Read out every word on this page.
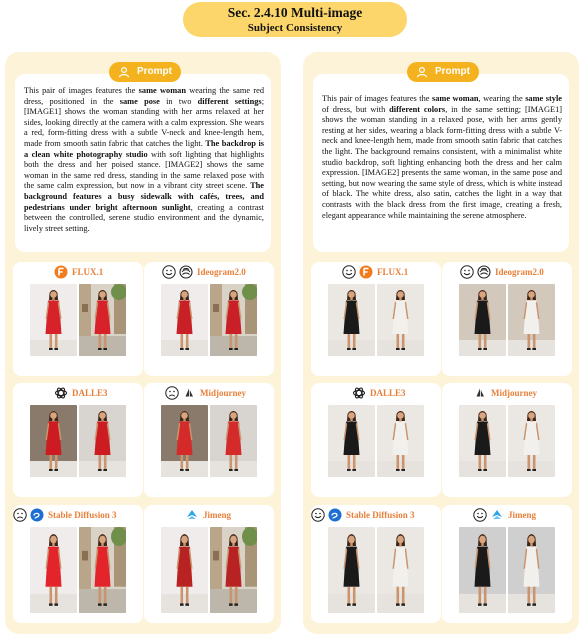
Sec. 2.4.10 Multi-image
Subject Consistency
This pair of images features the same woman wearing the same red dress, positioned in the same pose in two different settings; [IMAGE1] shows the woman standing with her arms relaxed at her sides, looking directly at the camera with a calm expression. She wears a red, form-fitting dress with a subtle V-neck and knee-length hem, made from smooth satin fabric that catches the light. The backdrop is a clean white photography studio with soft lighting that highlights both the dress and her poised stance. [IMAGE2] shows the same woman in the same red dress, standing in the same relaxed pose with the same calm expression, but now in a vibrant city street scene. The background features a busy sidewalk with cafés, trees, and pedestrians under bright afternoon sunlight, creating a contrast between the controlled, serene studio environment and the dynamic, lively street setting.
Prompt
FLUX.1	Ideogram2.0
DALLE3	Midjourney
Stable Diffusion 3	Jimeng
This pair of images features the same woman, wearing the same style of dress, but with different colors, in the same setting; [IMAGE1] shows the woman standing in a relaxed pose, with her arms gently resting at her sides, wearing a black form-fitting dress with a subtle V-neck and knee-length hem, made from smooth satin fabric that catches the light. The background remains consistent, with a minimalist white studio backdrop, soft lighting enhancing both the dress and her calm expression. [IMAGE2] presents the same woman, in the same pose and setting, but now wearing the same style of dress, which is white instead of black. The white dress, also satin, catches the light in a way that contrasts with the black dress from the first image, creating a fresh, elegant appearance while maintaining the serene atmosphere.
Prompt
FLUX.1	Ideogram2.0
DALLE3	Midjourney
Stable Diffusion 3	Jimeng
